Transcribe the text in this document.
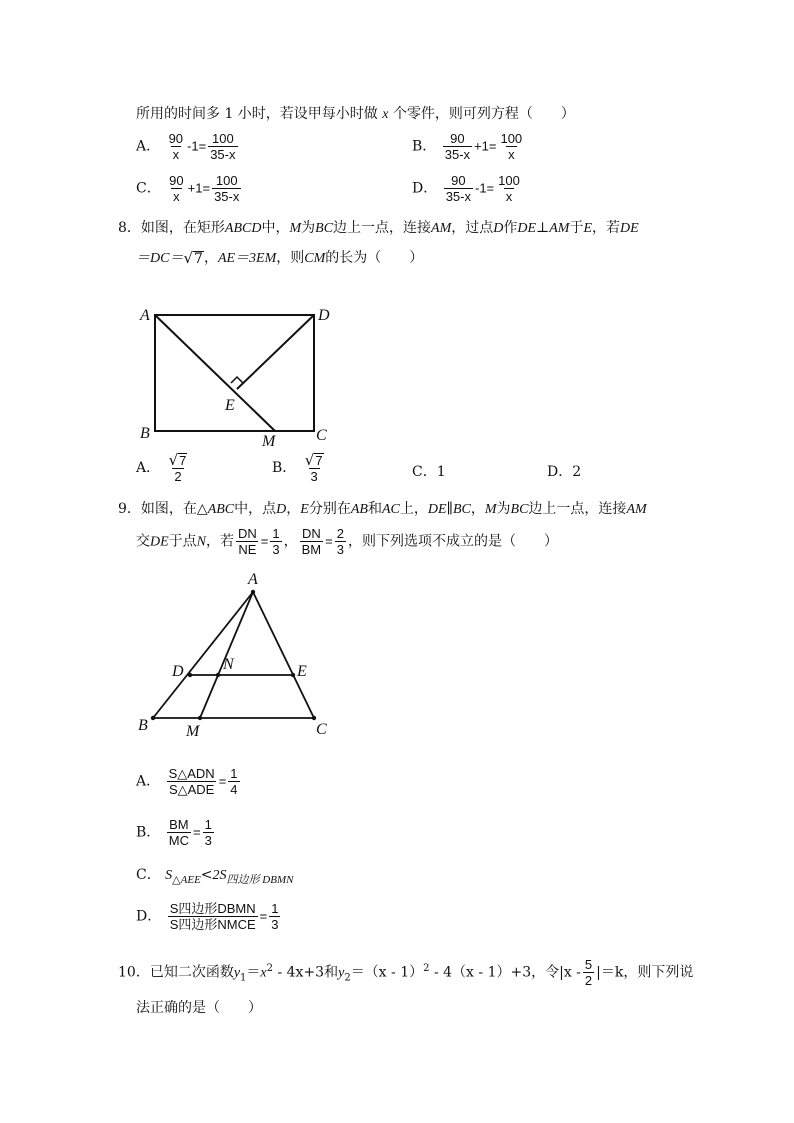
所用的时间多 1 小时，若设甲每小时做 x 个零件，则可列方程（　　）
A． $\frac{90}{x} -1= \frac{100}{35-x}$	B． $\frac{90}{35-x} +1= \frac{100}{x}$
C． $\frac{90}{x} +1= \frac{100}{35-x}$	D． $\frac{90}{35-x} -1= \frac{100}{x}$
8．如图，在矩形ABCD中，M为BC边上一点，连接AM，过点D作DE⊥AM于E，若DE
＝DC＝ √ 7 ，AE＝3EM，则CM的长为（　　）
A	D
B	C
E
M
A． $\frac{√ 7}{2}$	B． $\frac{√ 7}{3}$	C．1	D．2
9．如图，在△ABC中，点D，E分别在AB和AC上，DE∥BC，M为BC边上一点，连接AM
交DE于点N，若 $\frac{DN}{NE} = \frac{1}{3}$ ， $\frac{DN}{BM} = \frac{2}{3}$ ，则下列选项不成立的是（　　）
A
D N	E
B M	C
A． $\frac{\text{S△ADN}}{\text{S△ADE}} = \frac{1}{4}$
B． $\frac{BM}{MC} = \frac{1}{3}$
C． $S_{\triangle AEE}<2S_{四边形 DBMN}$
D． $\frac{\text{S四边形DBMN}}{\text{S四边形NMCE}} = \frac{1}{3}$
10．已知二次函数$y_1=x^2 - 4x+3$和$y_2=(x - 1)^2 - 4(x - 1)+3$，令$|x - \frac{5}{2} |=k$，则下列说
法正确的是（　　）
